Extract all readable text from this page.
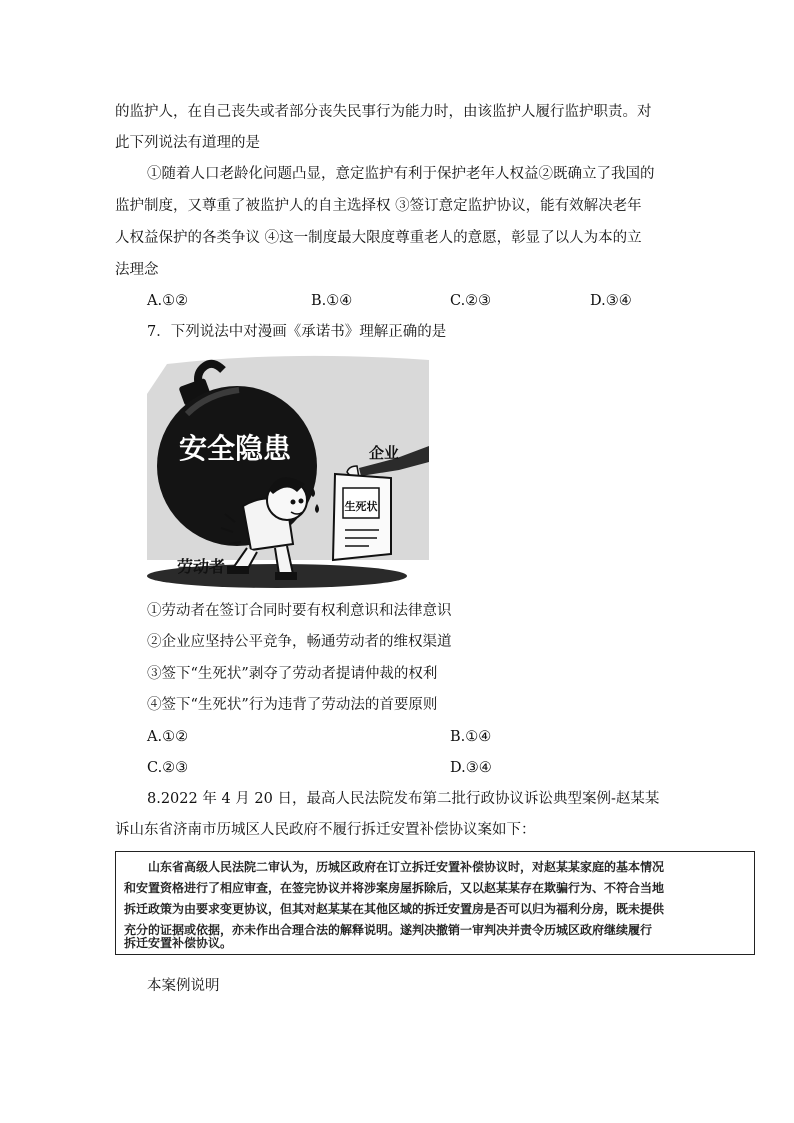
的监护人，在自己丧失或者部分丧失民事行为能力时，由该监护人履行监护职责。对
此下列说法有道理的是
①随着人口老龄化问题凸显，意定监护有利于保护老年人权益②既确立了我国的
监护制度，又尊重了被监护人的自主选择权 ③签订意定监护协议，能有效解决老年
人权益保护的各类争议 ④这一制度最大限度尊重老人的意愿，彰显了以人为本的立
法理念
A.①②	B.①④	C.②③	D.③④
7．下列说法中对漫画《承诺书》理解正确的是
安全隐患	企业
生死状
劳动者
①劳动者在签订合同时要有权利意识和法律意识
②企业应坚持公平竞争，畅通劳动者的维权渠道
③签下“生死状”剥夺了劳动者提请仲裁的权利
④签下“生死状”行为违背了劳动法的首要原则
A.①②	B.①④
C.②③	D.③④
8.2022 年 4 月 20 日，最高人民法院发布第二批行政协议诉讼典型案例-赵某某
诉山东省济南市历城区人民政府不履行拆迁安置补偿协议案如下：
山东省高级人民法院二审认为，历城区政府在订立拆迁安置补偿协议时，对赵某某家庭的基本情况
和安置资格进行了相应审查，在签完协议并将涉案房屋拆除后，又以赵某某存在欺骗行为、不符合当地
拆迁政策为由要求变更协议，但其对赵某某在其他区域的拆迁安置房是否可以归为福利分房，既未提供
充分的证据或依据，亦未作出合理合法的解释说明。遂判决撤销一审判决并责令历城区政府继续履行
拆迁安置补偿协议。
本案例说明
